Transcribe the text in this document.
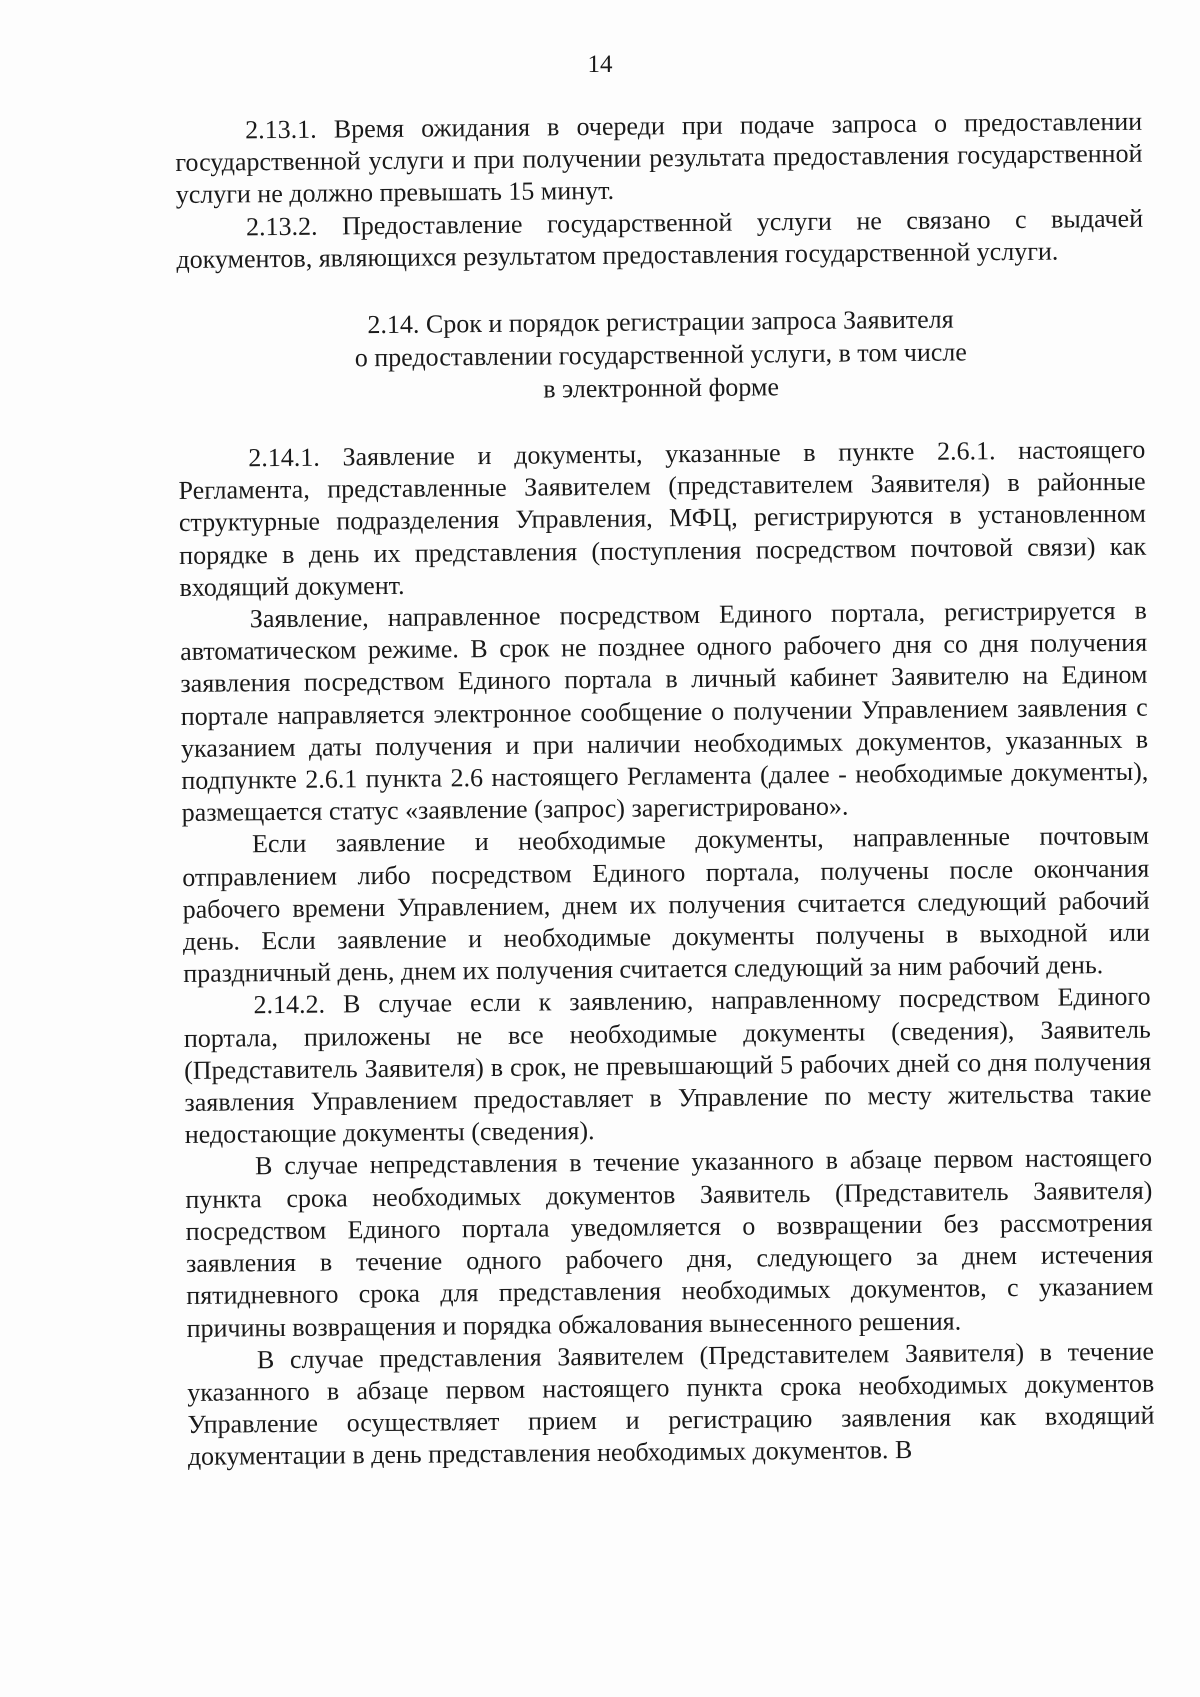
14

2.13.1. Время ожидания в очереди при подаче запроса о предоставлении государственной услуги и при получении результата предоставления государственной услуги не должно превышать 15 минут.

2.13.2. Предоставление государственной услуги не связано с выдачей документов, являющихся результатом предоставления государственной услуги.

2.14. Срок и порядок регистрации запроса Заявителя
о предоставлении государственной услуги, в том числе
в электронной форме

2.14.1. Заявление и документы, указанные в пункте 2.6.1. настоящего Регламента, представленные Заявителем (представителем Заявителя) в районные структурные подразделения Управления, МФЦ, регистрируются в установленном порядке в день их представления (поступления посредством почтовой связи) как входящий документ.

Заявление, направленное посредством Единого портала, регистрируется в автоматическом режиме. В срок не позднее одного рабочего дня со дня получения заявления посредством Единого портала в личный кабинет Заявителю на Едином портале направляется электронное сообщение о получении Управлением заявления с указанием даты получения и при наличии необходимых документов, указанных в подпункте 2.6.1 пункта 2.6 настоящего Регламента (далее - необходимые документы), размещается статус «заявление (запрос) зарегистрировано».

Если заявление и необходимые документы, направленные почтовым отправлением либо посредством Единого портала, получены после окончания рабочего времени Управлением, днем их получения считается следующий рабочий день. Если заявление и необходимые документы получены в выходной или праздничный день, днем их получения считается следующий за ним рабочий день.

2.14.2. В случае если к заявлению, направленному посредством Единого портала, приложены не все необходимые документы (сведения), Заявитель (Представитель Заявителя) в срок, не превышающий 5 рабочих дней со дня получения заявления Управлением предоставляет в Управление по месту жительства такие недостающие документы (сведения).

В случае непредставления в течение указанного в абзаце первом настоящего пункта срока необходимых документов Заявитель (Представитель Заявителя) посредством Единого портала уведомляется о возвращении без рассмотрения заявления в течение одного рабочего дня, следующего за днем истечения пятидневного срока для представления необходимых документов, с указанием причины возвращения и порядка обжалования вынесенного решения.

В случае представления Заявителем (Представителем Заявителя) в течение указанного в абзаце первом настоящего пункта срока необходимых документов Управление осуществляет прием и регистрацию заявления как входящий документации в день представления необходимых документов. В
